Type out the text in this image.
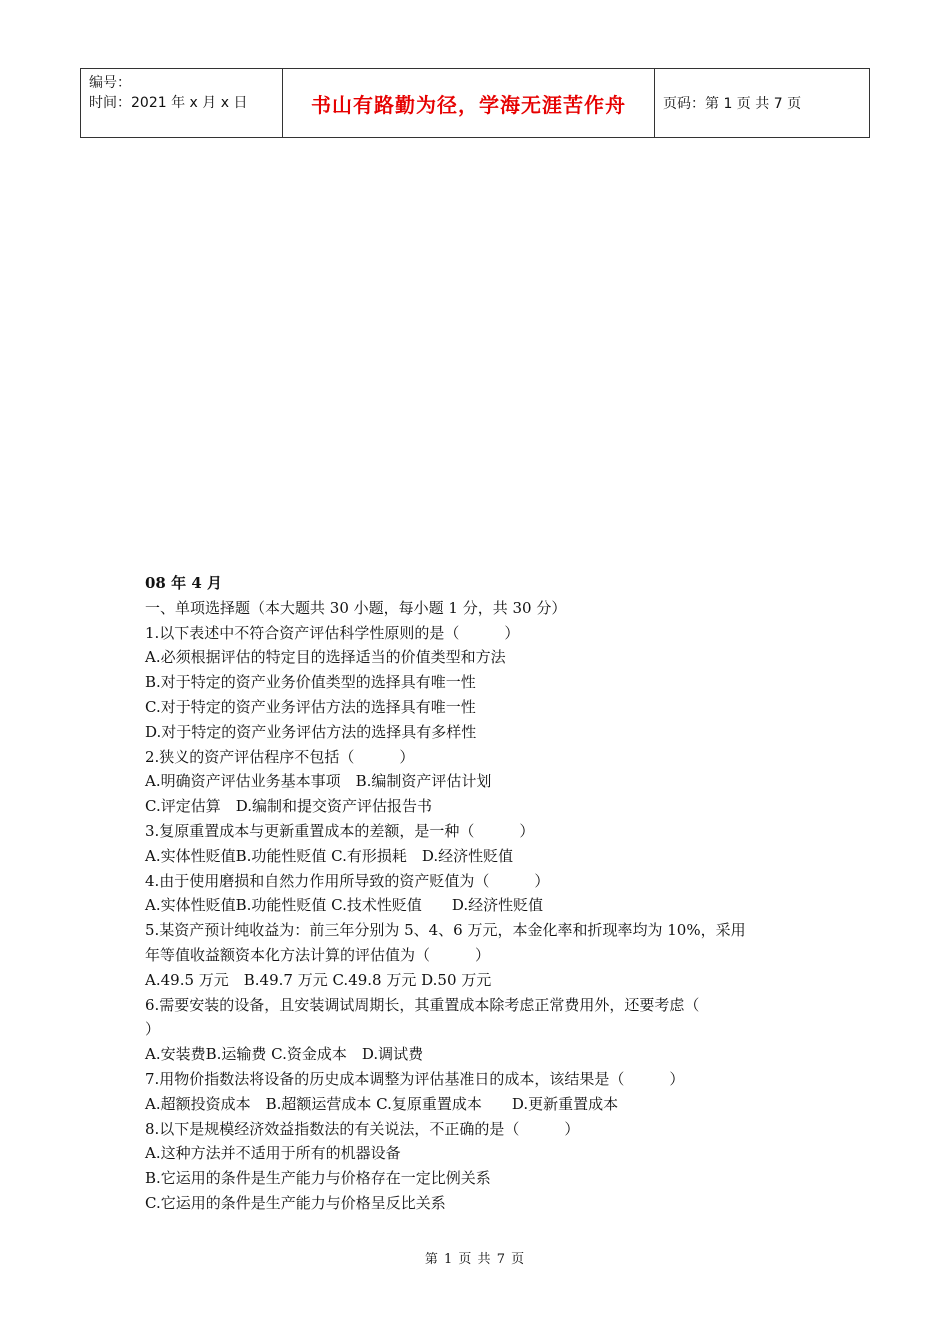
编号：
时间：2021 年 x 月 x 日	书山有路勤为径，学海无涯苦作舟	页码：第 1 页 共 7 页
08 年 4 月
一、单项选择题（本大题共 30 小题，每小题 1 分，共 30 分）
1.以下表述中不符合资产评估科学性原则的是（　　　）
A.必须根据评估的特定目的选择适当的价值类型和方法
B.对于特定的资产业务价值类型的选择具有唯一性
C.对于特定的资产业务评估方法的选择具有唯一性
D.对于特定的资产业务评估方法的选择具有多样性
2.狭义的资产评估程序不包括（　　　）
A.明确资产评估业务基本事项　B.编制资产评估计划
C.评定估算　D.编制和提交资产评估报告书
3.复原重置成本与更新重置成本的差额，是一种（　　　）
A.实体性贬值B.功能性贬值 C.有形损耗　D.经济性贬值
4.由于使用磨损和自然力作用所导致的资产贬值为（　　　）
A.实体性贬值B.功能性贬值 C.技术性贬值　　D.经济性贬值
5.某资产预计纯收益为：前三年分别为 5、4、6 万元，本金化率和折现率均为 10%，采用
年等值收益额资本化方法计算的评估值为（　　　）
A.49.5 万元　B.49.7 万元 C.49.8 万元 D.50 万元
6.需要安装的设备，且安装调试周期长，其重置成本除考虑正常费用外，还要考虑（
）
A.安装费B.运输费 C.资金成本　D.调试费
7.用物价指数法将设备的历史成本调整为评估基准日的成本，该结果是（　　　）
A.超额投资成本　B.超额运营成本 C.复原重置成本　　D.更新重置成本
8.以下是规模经济效益指数法的有关说法，不正确的是（　　　）
A.这种方法并不适用于所有的机器设备
B.它运用的条件是生产能力与价格存在一定比例关系
C.它运用的条件是生产能力与价格呈反比关系
第 1 页 共 7 页
